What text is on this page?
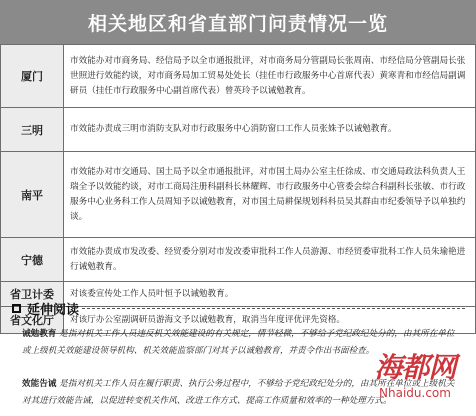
相关地区和省直部门问责情况一览
厦门	市效能办对市商务局、经信局予以全市通报批评，对市商务局分管副局长张周南、市经信局分管副局长张世照进行效能约谈，对市商务局加工贸易处处长（挂任市行政服务中心首席代表）黄寒青和市经信局副调研员（挂任市行政服务中心副首席代表）曾英玲予以诫勉教育。
三明	市效能办责成三明市消防支队对市行政服务中心消防窗口工作人员张姝予以诫勉教育。
南平	市效能办对市交通局、国土局予以全市通报批评，对市国土局办公室主任徐成、市交通局政法科负责人王瑞全予以效能约谈，对市工商局注册科副科长林耀辉、市行政服务中心管委会综合科副科长张敏、市行政服务中心业务科工作人员周知予以诫勉教育，对市国土局耕保规划科科员吴其群由市纪委领导予以单独约谈。
宁德	市效能办责成市发改委、经贸委分别对市发改委审批科工作人员游源、市经贸委审批科工作人员朱瑜艳进行诫勉教育。
省卫计委	对该委宣传处工作人员叶恒予以诫勉教育。
省文化厅	对该厅办公室副调研员游海文予以诫勉教育，取消当年度评优评先资格。
延伸阅读
诫勉教育 是指对机关工作人员违反机关效能建设的有关规定，情节轻微，不够给予党纪政纪处分的，由其所在单位或上级机关效能建设领导机构、机关效能监察部门对其予以诚勉教育，并责令作出书面检查。
效能告诫 是指对机关工作人员在履行职责、执行公务过程中，不够给予党纪政纪处分的，由其所在单位或上级机关对其进行效能告诫，以促进转变机关作风、改进工作方式、提高工作质量和效率的一种处理方式。
海都网
Nhaidu.com
